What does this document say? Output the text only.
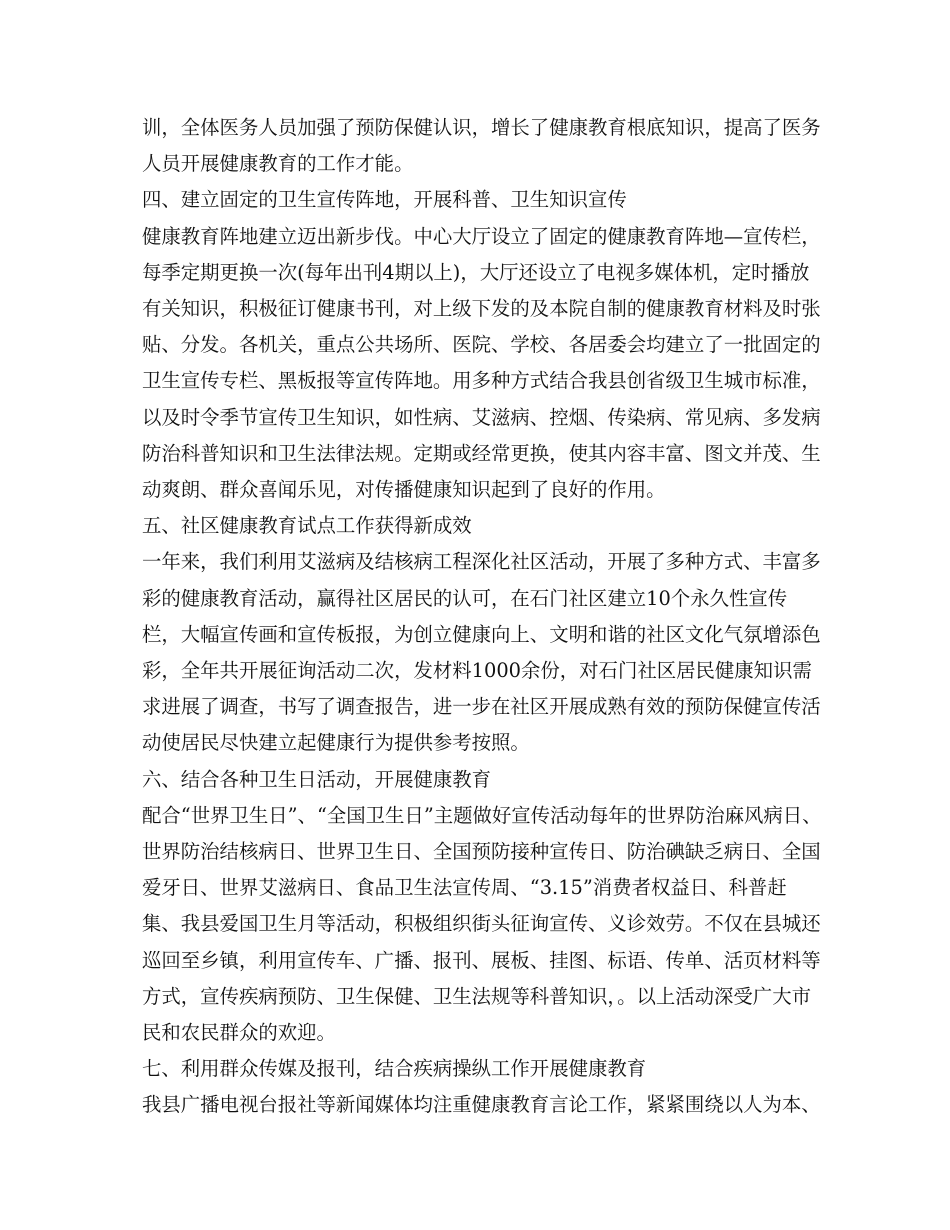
训，全体医务人员加强了预防保健认识，增长了健康教育根底知识，提高了医务人员开展健康教育的工作才能。

四、建立固定的卫生宣传阵地，开展科普、卫生知识宣传

健康教育阵地建立迈出新步伐。中心大厅设立了固定的健康教育阵地—宣传栏，每季定期更换一次(每年出刊4期以上)，大厅还设立了电视多媒体机，定时播放有关知识，积极征订健康书刊，对上级下发的及本院自制的健康教育材料及时张贴、分发。各机关，重点公共场所、医院、学校、各居委会均建立了一批固定的卫生宣传专栏、黑板报等宣传阵地。用多种方式结合我县创省级卫生城市标准，以及时令季节宣传卫生知识，如性病、艾滋病、控烟、传染病、常见病、多发病防治科普知识和卫生法律法规。定期或经常更换，使其内容丰富、图文并茂、生动爽朗、群众喜闻乐见，对传播健康知识起到了良好的作用。

五、社区健康教育试点工作获得新成效

一年来，我们利用艾滋病及结核病工程深化社区活动，开展了多种方式、丰富多彩的健康教育活动，赢得社区居民的认可，在石门社区建立10个永久性宣传栏，大幅宣传画和宣传板报，为创立健康向上、文明和谐的社区文化气氛增添色彩，全年共开展征询活动二次，发材料1000余份，对石门社区居民健康知识需求进展了调查，书写了调查报告，进一步在社区开展成熟有效的预防保健宣传活动使居民尽快建立起健康行为提供参考按照。

六、结合各种卫生日活动，开展健康教育

配合“世界卫生日”、“全国卫生日”主题做好宣传活动每年的世界防治麻风病日、世界防治结核病日、世界卫生日、全国预防接种宣传日、防治碘缺乏病日、全国爱牙日、世界艾滋病日、食品卫生法宣传周、“3.15”消费者权益日、科普赶集、我县爱国卫生月等活动，积极组织街头征询宣传、义诊效劳。不仅在县城还巡回至乡镇，利用宣传车、广播、报刊、展板、挂图、标语、传单、活页材料等方式，宣传疾病预防、卫生保健、卫生法规等科普知识，。以上活动深受广大市民和农民群众的欢迎。

七、利用群众传媒及报刊，结合疾病操纵工作开展健康教育

我县广播电视台报社等新闻媒体均注重健康教育言论工作，紧紧围绕以人为本、
